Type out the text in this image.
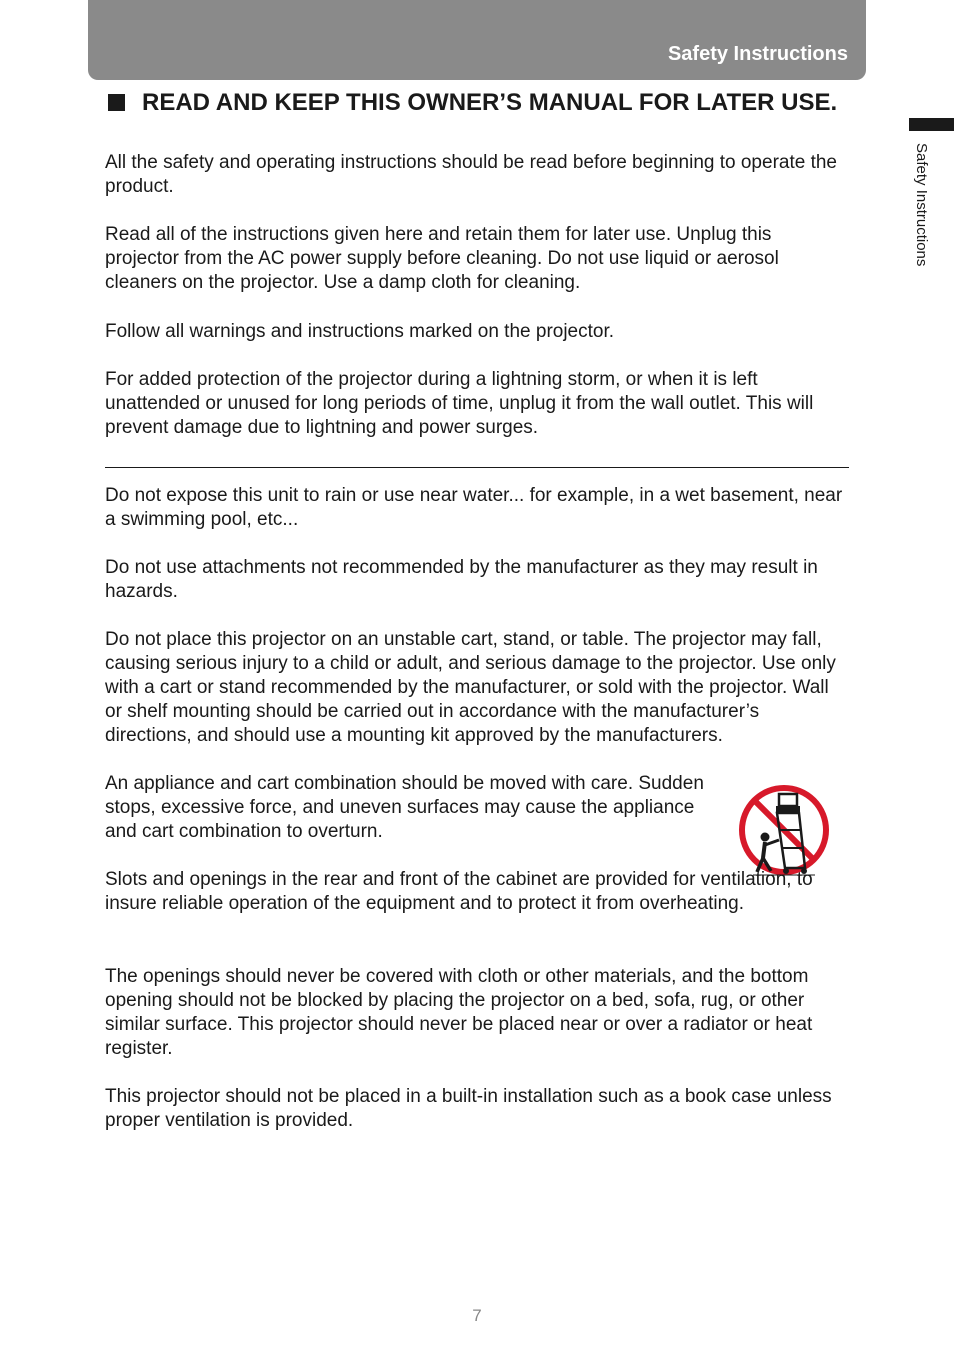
Safety Instructions
Safety Instructions
READ AND KEEP THIS OWNER’S MANUAL FOR LATER USE.

All the safety and operating instructions should be read before beginning to operate the product.

Read all of the instructions given here and retain them for later use. Unplug this projector from the AC power supply before cleaning. Do not use liquid or aerosol cleaners on the projector. Use a damp cloth for cleaning.

Follow all warnings and instructions marked on the projector.

For added protection of the projector during a lightning storm, or when it is left unattended or unused for long periods of time, unplug it from the wall outlet. This will prevent damage due to lightning and power surges.

Do not expose this unit to rain or use near water... for example, in a wet basement, near a swimming pool, etc...

Do not use attachments not recommended by the manufacturer as they may result in hazards.

Do not place this projector on an unstable cart, stand, or table. The projector may fall, causing serious injury to a child or adult, and serious damage to the projector. Use only with a cart or stand recommended by the manufacturer, or sold with the projector. Wall or shelf mounting should be carried out in accordance with the manufacturer’s directions, and should use a mounting kit approved by the manufacturers.

An appliance and cart combination should be moved with care. Sudden stops, excessive force, and uneven surfaces may cause the appliance and cart combination to overturn.

Slots and openings in the rear and front of the cabinet are provided for ventilation, to insure reliable operation of the equipment and to protect it from overheating.

The openings should never be covered with cloth or other materials, and the bottom opening should not be blocked by placing the projector on a bed, sofa, rug, or other similar surface. This projector should never be placed near or over a radiator or heat register.

This projector should not be placed in a built-in installation such as a book case unless proper ventilation is provided.

7
